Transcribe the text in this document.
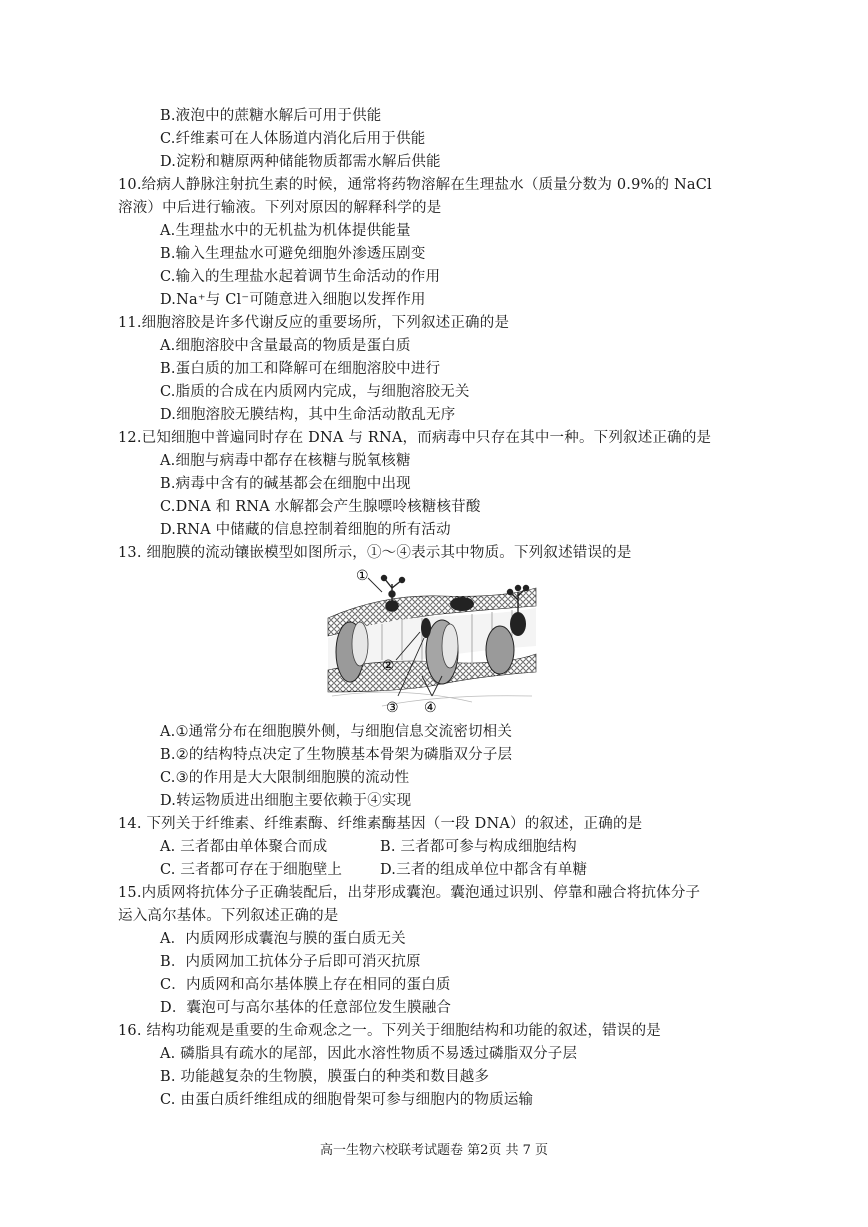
B.液泡中的蔗糖水解后可用于供能
C.纤维素可在人体肠道内消化后用于供能
D.淀粉和糖原两种储能物质都需水解后供能
10.给病人静脉注射抗生素的时候，通常将药物溶解在生理盐水（质量分数为 0.9%的 NaCl
溶液）中后进行输液。下列对原因的解释科学的是
A.生理盐水中的无机盐为机体提供能量
B.输入生理盐水可避免细胞外渗透压剧变
C.输入的生理盐水起着调节生命活动的作用
D.Na⁺与 Cl⁻可随意进入细胞以发挥作用
11.细胞溶胶是许多代谢反应的重要场所，下列叙述正确的是
A.细胞溶胶中含量最高的物质是蛋白质
B.蛋白质的加工和降解可在细胞溶胶中进行
C.脂质的合成在内质网内完成，与细胞溶胶无关
D.细胞溶胶无膜结构，其中生命活动散乱无序
12.已知细胞中普遍同时存在 DNA 与 RNA，而病毒中只存在其中一种。下列叙述正确的是
A.细胞与病毒中都存在核糖与脱氧核糖
B.病毒中含有的碱基都会在细胞中出现
C.DNA 和 RNA 水解都会产生腺嘌呤核糖核苷酸
D.RNA 中储藏的信息控制着细胞的所有活动
13. 细胞膜的流动镶嵌模型如图所示，①～④表示其中物质。下列叙述错误的是
①
②
③ ④
A.①通常分布在细胞膜外侧，与细胞信息交流密切相关
B.②的结构特点决定了生物膜基本骨架为磷脂双分子层
C.③的作用是大大限制细胞膜的流动性
D.转运物质进出细胞主要依赖于④实现
14. 下列关于纤维素、纤维素酶、纤维素酶基因（一段 DNA）的叙述，正确的是
A. 三者都由单体聚合而成	B. 三者都可参与构成细胞结构
C. 三者都可存在于细胞壁上	D.三者的组成单位中都含有单糖
15.内质网将抗体分子正确装配后，出芽形成囊泡。囊泡通过识别、停靠和融合将抗体分子
运入高尔基体。下列叙述正确的是
A．内质网形成囊泡与膜的蛋白质无关
B．内质网加工抗体分子后即可消灭抗原
C．内质网和高尔基体膜上存在相同的蛋白质
D．囊泡可与高尔基体的任意部位发生膜融合
16. 结构功能观是重要的生命观念之一。下列关于细胞结构和功能的叙述，错误的是
A. 磷脂具有疏水的尾部，因此水溶性物质不易透过磷脂双分子层
B. 功能越复杂的生物膜，膜蛋白的种类和数目越多
C. 由蛋白质纤维组成的细胞骨架可参与细胞内的物质运输
高一生物六校联考试题卷 第2页 共 7 页
